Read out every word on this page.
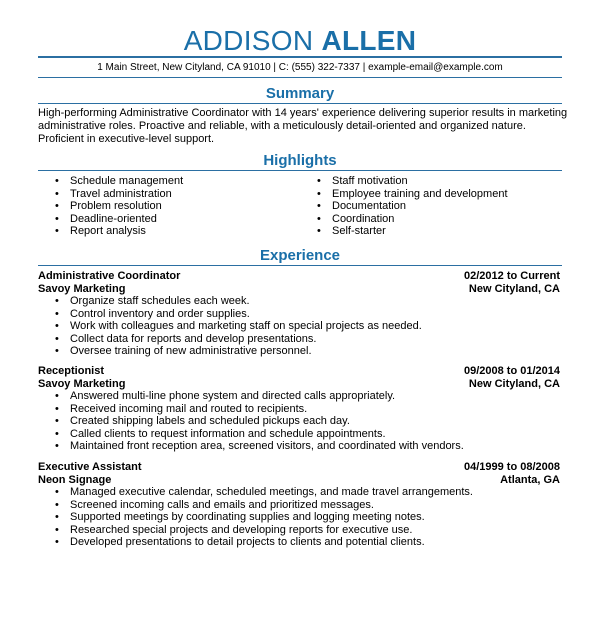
ADDISON ALLEN
1 Main Street, New Cityland, CA 91010 | C: (555) 322-7337 | example-email@example.com
Summary
High-performing Administrative Coordinator with 14 years' experience delivering superior results in marketing administrative roles. Proactive and reliable, with a meticulously detail-oriented and organized nature. Proficient in executive-level support.
Highlights
• Schedule management
• Travel administration
• Problem resolution
• Deadline-oriented
• Report analysis
• Staff motivation
• Employee training and development
• Documentation
• Coordination
• Self-starter
Experience
Administrative Coordinator	02/2012 to Current
Savoy Marketing	New Cityland, CA
• Organize staff schedules each week.
• Control inventory and order supplies.
• Work with colleagues and marketing staff on special projects as needed.
• Collect data for reports and develop presentations.
• Oversee training of new administrative personnel.
Receptionist	09/2008 to 01/2014
Savoy Marketing	New Cityland, CA
• Answered multi-line phone system and directed calls appropriately.
• Received incoming mail and routed to recipients.
• Created shipping labels and scheduled pickups each day.
• Called clients to request information and schedule appointments.
• Maintained front reception area, screened visitors, and coordinated with vendors.
Executive Assistant	04/1999 to 08/2008
Neon Signage	Atlanta, GA
• Managed executive calendar, scheduled meetings, and made travel arrangements.
• Screened incoming calls and emails and prioritized messages.
• Supported meetings by coordinating supplies and logging meeting notes.
• Researched special projects and developing reports for executive use.
• Developed presentations to detail projects to clients and potential clients.
